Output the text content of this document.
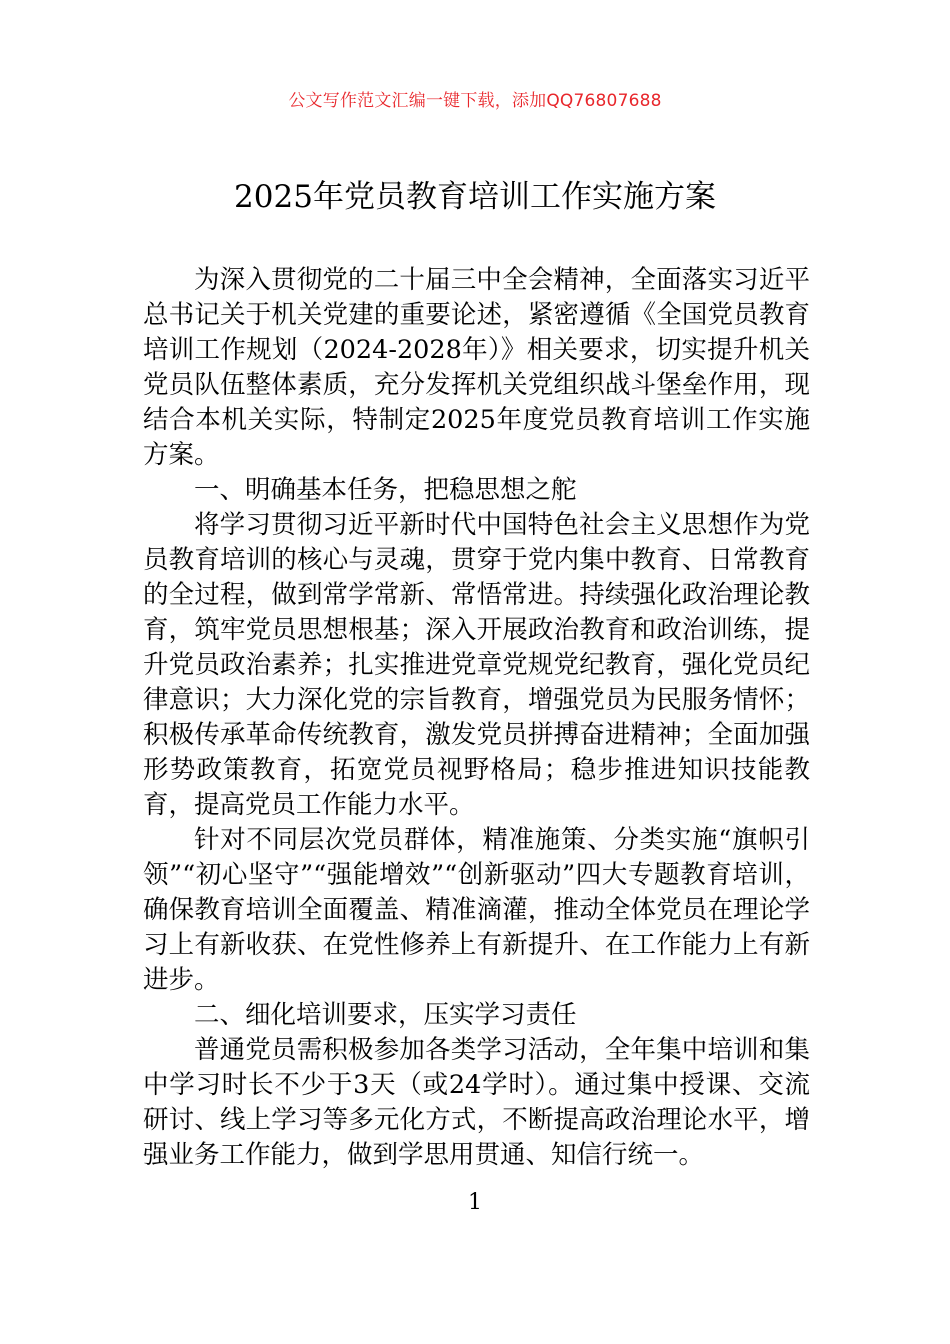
公文写作范文汇编一键下载，添加QQ76807688
2025年党员教育培训工作实施方案

为深入贯彻党的二十届三中全会精神，全面落实习近平总书记关于机关党建的重要论述，紧密遵循《全国党员教育培训工作规划（2024-2028年）》相关要求，切实提升机关党员队伍整体素质，充分发挥机关党组织战斗堡垒作用，现结合本机关实际，特制定2025年度党员教育培训工作实施方案。

一、明确基本任务，把稳思想之舵

将学习贯彻习近平新时代中国特色社会主义思想作为党员教育培训的核心与灵魂，贯穿于党内集中教育、日常教育的全过程，做到常学常新、常悟常进。持续强化政治理论教育，筑牢党员思想根基；深入开展政治教育和政治训练，提升党员政治素养；扎实推进党章党规党纪教育，强化党员纪律意识；大力深化党的宗旨教育，增强党员为民服务情怀；积极传承革命传统教育，激发党员拼搏奋进精神；全面加强形势政策教育，拓宽党员视野格局；稳步推进知识技能教育，提高党员工作能力水平。

针对不同层次党员群体，精准施策、分类实施“旗帜引领”“初心坚守”“强能增效”“创新驱动”四大专题教育培训，确保教育培训全面覆盖、精准滴灌，推动全体党员在理论学习上有新收获、在党性修养上有新提升、在工作能力上有新进步。

二、细化培训要求，压实学习责任

普通党员需积极参加各类学习活动，全年集中培训和集中学习时长不少于3天（或24学时）。通过集中授课、交流研讨、线上学习等多元化方式，不断提高政治理论水平，增强业务工作能力，做到学思用贯通、知信行统一。

1
